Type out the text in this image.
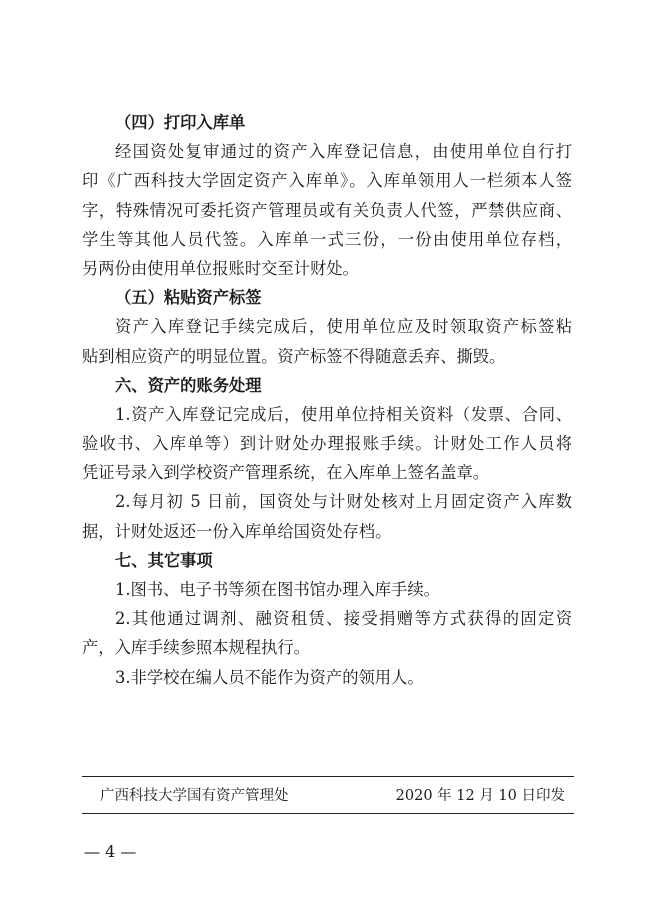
（四）打印入库单
经国资处复审通过的资产入库登记信息，由使用单位自行打
印《广西科技大学固定资产入库单》。入库单领用人一栏须本人签
字，特殊情况可委托资产管理员或有关负责人代签，严禁供应商、
学生等其他人员代签。入库单一式三份，一份由使用单位存档，
另两份由使用单位报账时交至计财处。
（五）粘贴资产标签
资产入库登记手续完成后，使用单位应及时领取资产标签粘
贴到相应资产的明显位置。资产标签不得随意丢弃、撕毁。
六、资产的账务处理
1.资产入库登记完成后，使用单位持相关资料（发票、合同、
验收书、入库单等）到计财处办理报账手续。计财处工作人员将
凭证号录入到学校资产管理系统，在入库单上签名盖章。
2.每月初 5 日前，国资处与计财处核对上月固定资产入库数
据，计财处返还一份入库单给国资处存档。
七、其它事项
1.图书、电子书等须在图书馆办理入库手续。
2.其他通过调剂、融资租赁、接受捐赠等方式获得的固定资
产，入库手续参照本规程执行。
3.非学校在编人员不能作为资产的领用人。
广西科技大学国有资产管理处	2020 年 12 月 10 日印发
— 4 —
